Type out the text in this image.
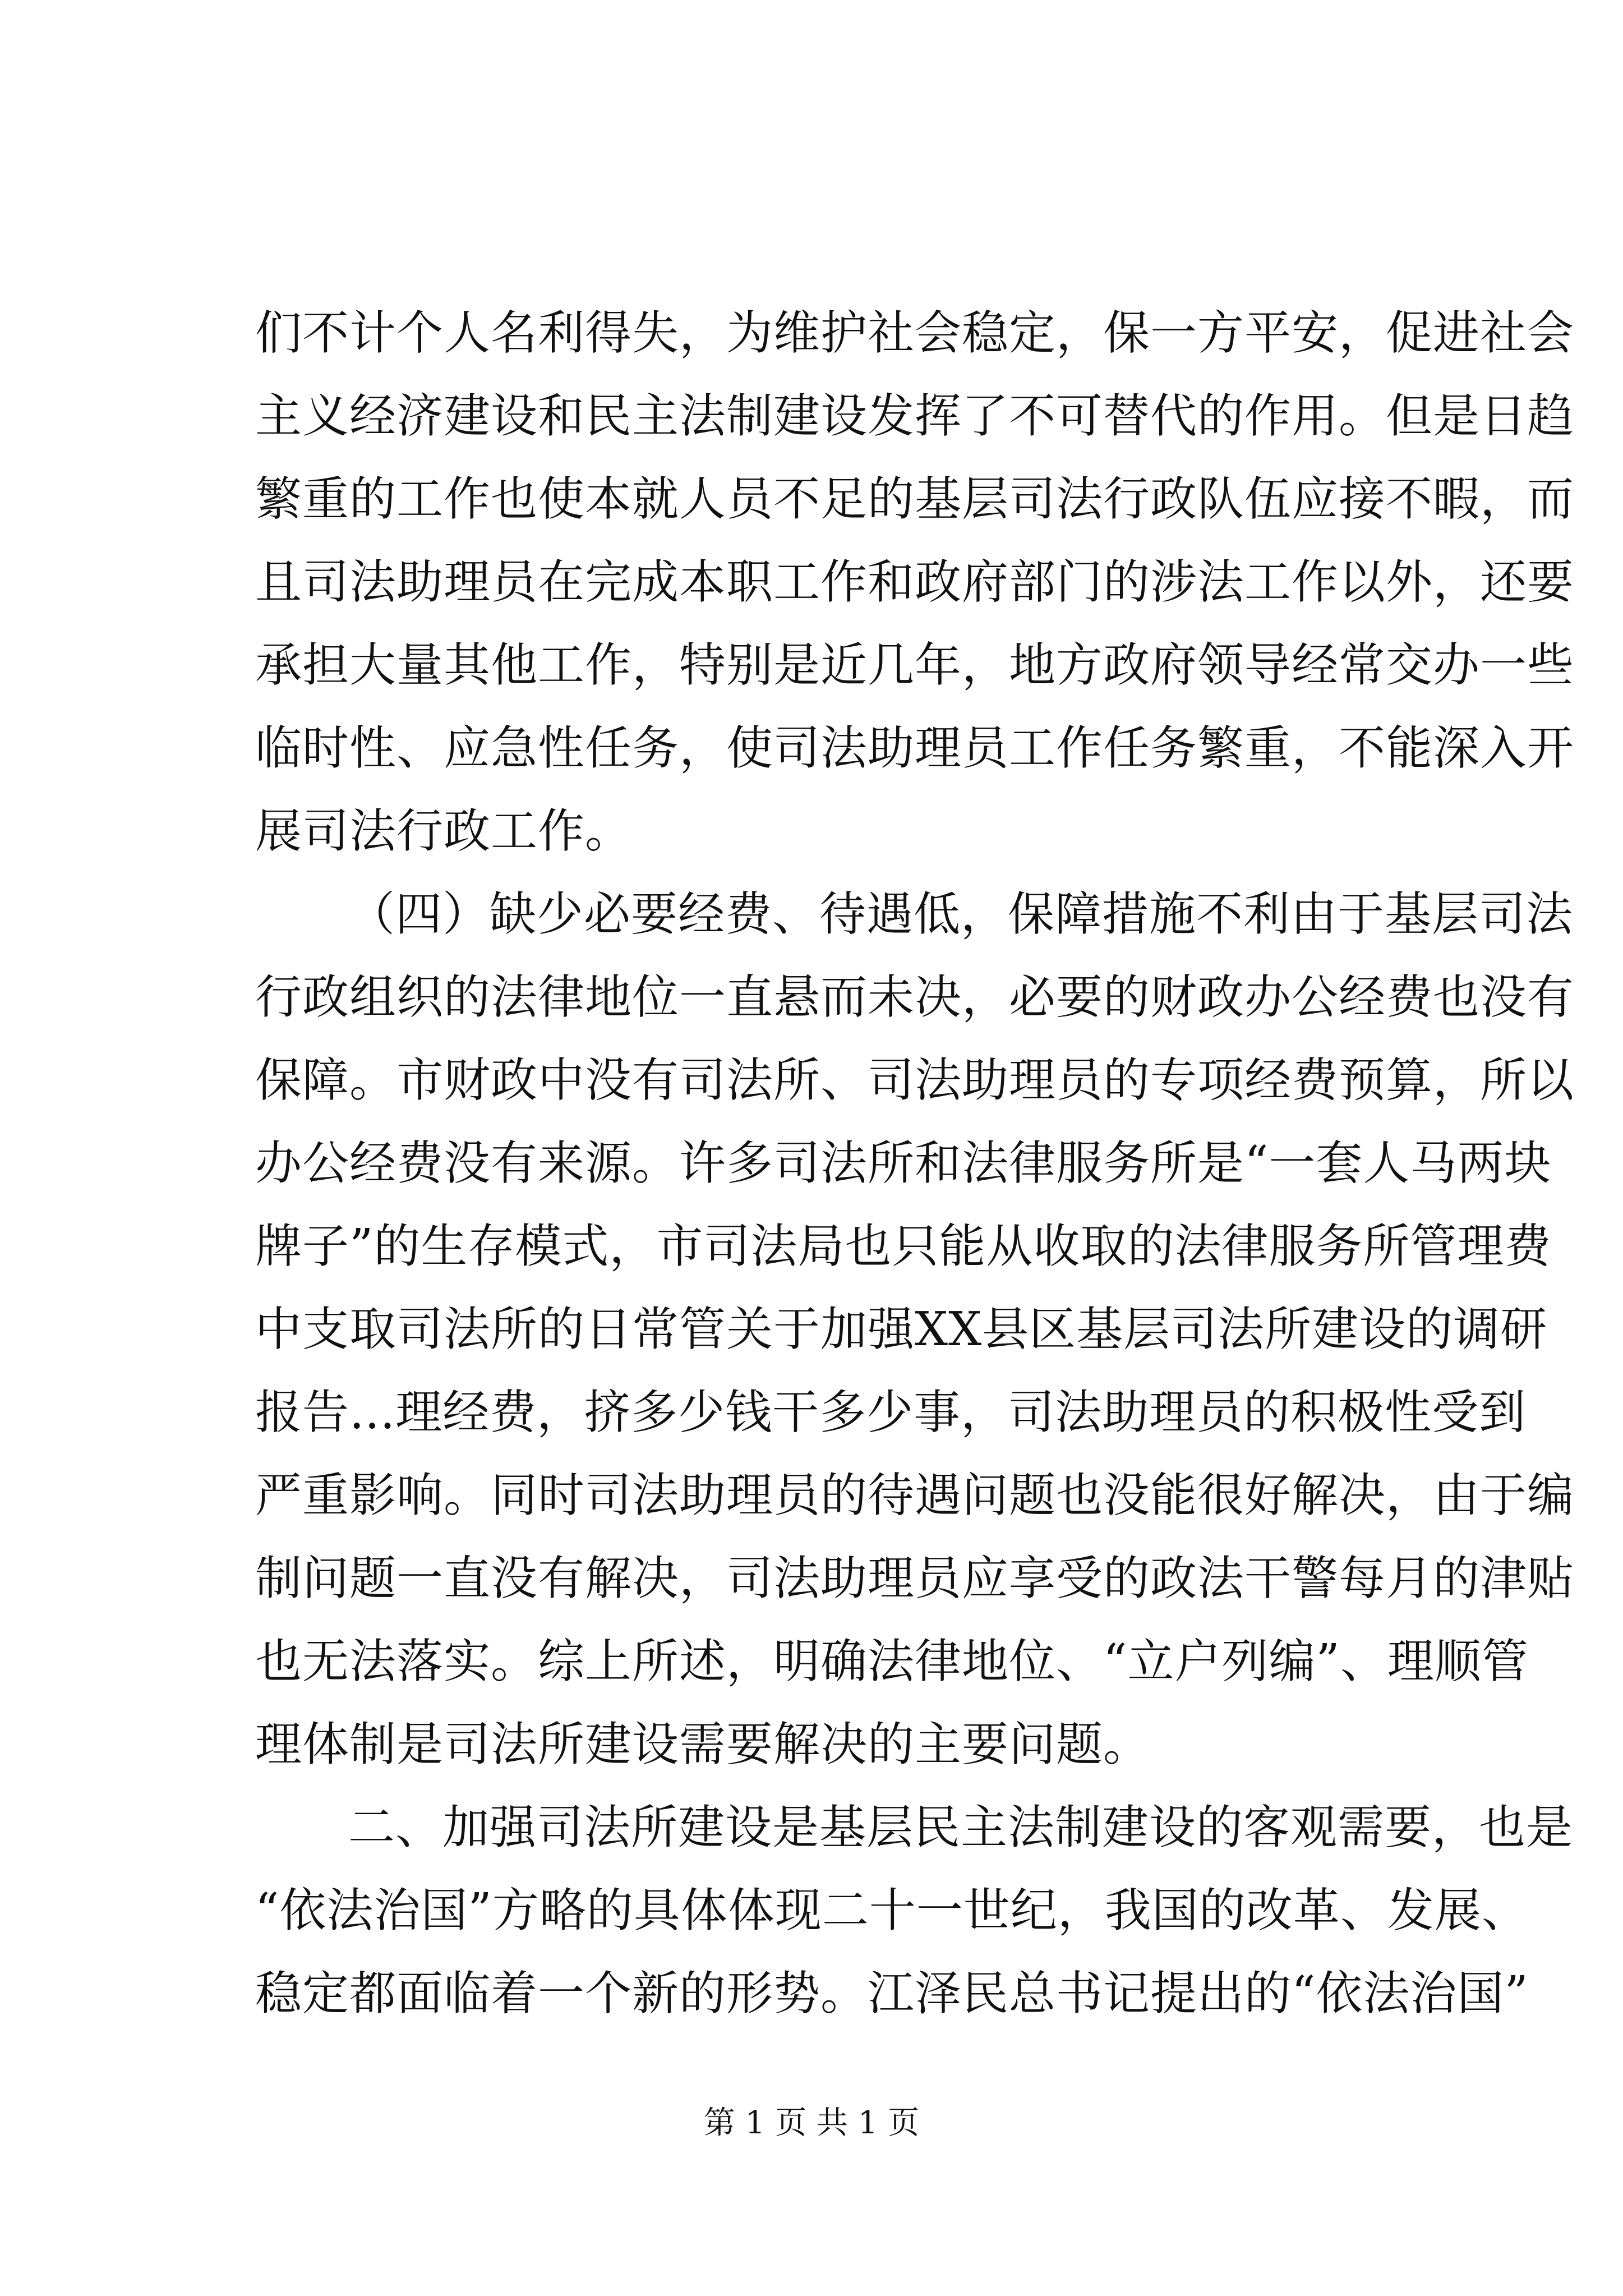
们不计个人名利得失，为维护社会稳定，保一方平安，促进社会
主义经济建设和民主法制建设发挥了不可替代的作用。但是日趋
繁重的工作也使本就人员不足的基层司法行政队伍应接不暇，而
且司法助理员在完成本职工作和政府部门的涉法工作以外，还要
承担大量其他工作，特别是近几年，地方政府领导经常交办一些
临时性、应急性任务，使司法助理员工作任务繁重，不能深入开
展司法行政工作。
（四）缺少必要经费、待遇低，保障措施不利由于基层司法
行政组织的法律地位一直悬而未决，必要的财政办公经费也没有
保障。市财政中没有司法所、司法助理员的专项经费预算，所以
办公经费没有来源。许多司法所和法律服务所是“一套人马两块
牌子”的生存模式，市司法局也只能从收取的法律服务所管理费
中支取司法所的日常管关于加强XX县区基层司法所建设的调研
报告...理经费，挤多少钱干多少事，司法助理员的积极性受到
严重影响。同时司法助理员的待遇问题也没能很好解决，由于编
制问题一直没有解决，司法助理员应享受的政法干警每月的津贴
也无法落实。综上所述，明确法律地位、“立户列编”、理顺管
理体制是司法所建设需要解决的主要问题。
二、加强司法所建设是基层民主法制建设的客观需要，也是
“依法治国”方略的具体体现二十一世纪，我国的改革、发展、
稳定都面临着一个新的形势。江泽民总书记提出的“依法治国”
第 1 页 共 1 页
